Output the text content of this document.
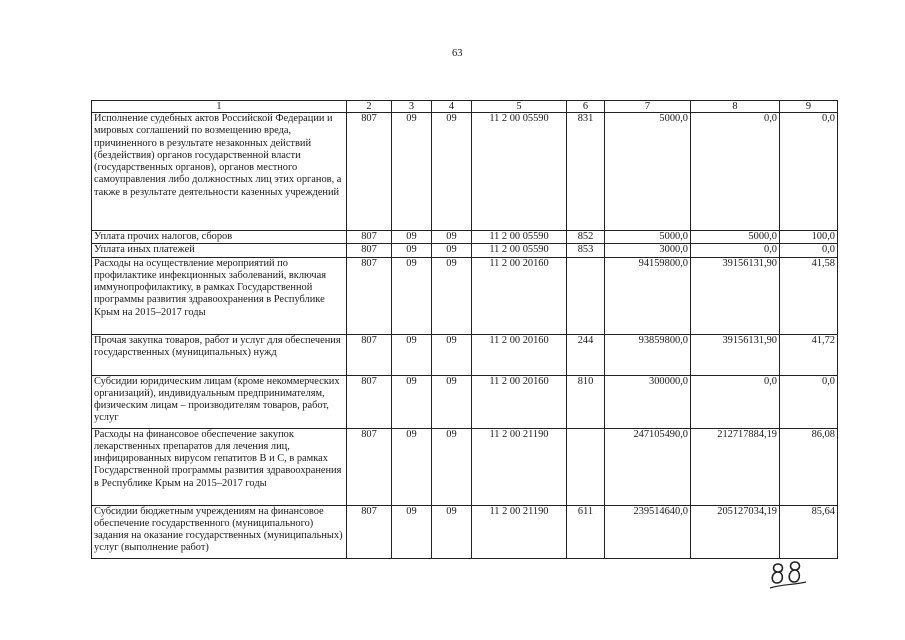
63
1	2	3	4	5	6	7	8	9
Исполнение судебных актов Российской Федерации и мировых соглашений по возмещению вреда, причиненного в результате незаконных действий (бездействия) органов государственной власти (государственных органов), органов местного самоуправления либо должностных лиц этих органов, а также в результате деятельности казенных учреждений	807	09	09	11 2 00 05590	831	5000,0	0,0	0,0
Уплата прочих налогов, сборов	807	09	09	11 2 00 05590	852	5000,0	5000,0	100,0
Уплата иных платежей	807	09	09	11 2 00 05590	853	3000,0	0,0	0,0
Расходы на осуществление мероприятий по профилактике инфекционных заболеваний, включая иммунопрофилактику, в рамках Государственной программы развития здравоохранения в Республике Крым на 2015–2017 годы	807	09	09	11 2 00 20160		94159800,0	39156131,90	41,58
Прочая закупка товаров, работ и услуг для обеспечения государственных (муниципальных) нужд	807	09	09	11 2 00 20160	244	93859800,0	39156131,90	41,72
Субсидии юридическим лицам (кроме некоммерческих организаций), индивидуальным предпринимателям, физическим лицам – производителям товаров, работ, услуг	807	09	09	11 2 00 20160	810	300000,0	0,0	0,0
Расходы на финансовое обеспечение закупок лекарственных препаратов для лечения лиц, инфицированных вирусом гепатитов В и С, в рамках Государственной программы развития здравоохранения в Республике Крым на 2015–2017 годы	807	09	09	11 2 00 21190		247105490,0	212717884,19	86,08
Субсидии бюджетным учреждениям на финансовое обеспечение государственного (муниципального) задания на оказание государственных (муниципальных) услуг (выполнение работ)	807	09	09	11 2 00 21190	611	239514640,0	205127034,19	85,64
